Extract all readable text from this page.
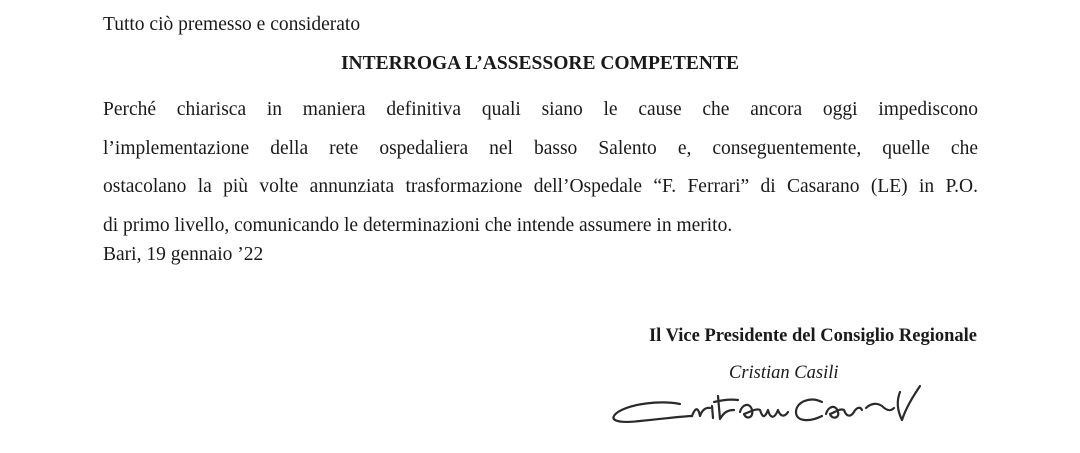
Tutto ciò premesso e considerato
INTERROGA L’ASSESSORE COMPETENTE
Perché chiarisca in maniera definitiva quali siano le cause che ancora oggi impediscono
l’implementazione della rete ospedaliera nel basso Salento e, conseguentemente, quelle che
ostacolano la più volte annunziata trasformazione dell’Ospedale “F. Ferrari” di Casarano (LE) in P.O.
di primo livello, comunicando le determinazioni che intende assumere in merito.
Bari, 19 gennaio ’22
Il Vice Presidente del Consiglio Regionale
Cristian Casili
